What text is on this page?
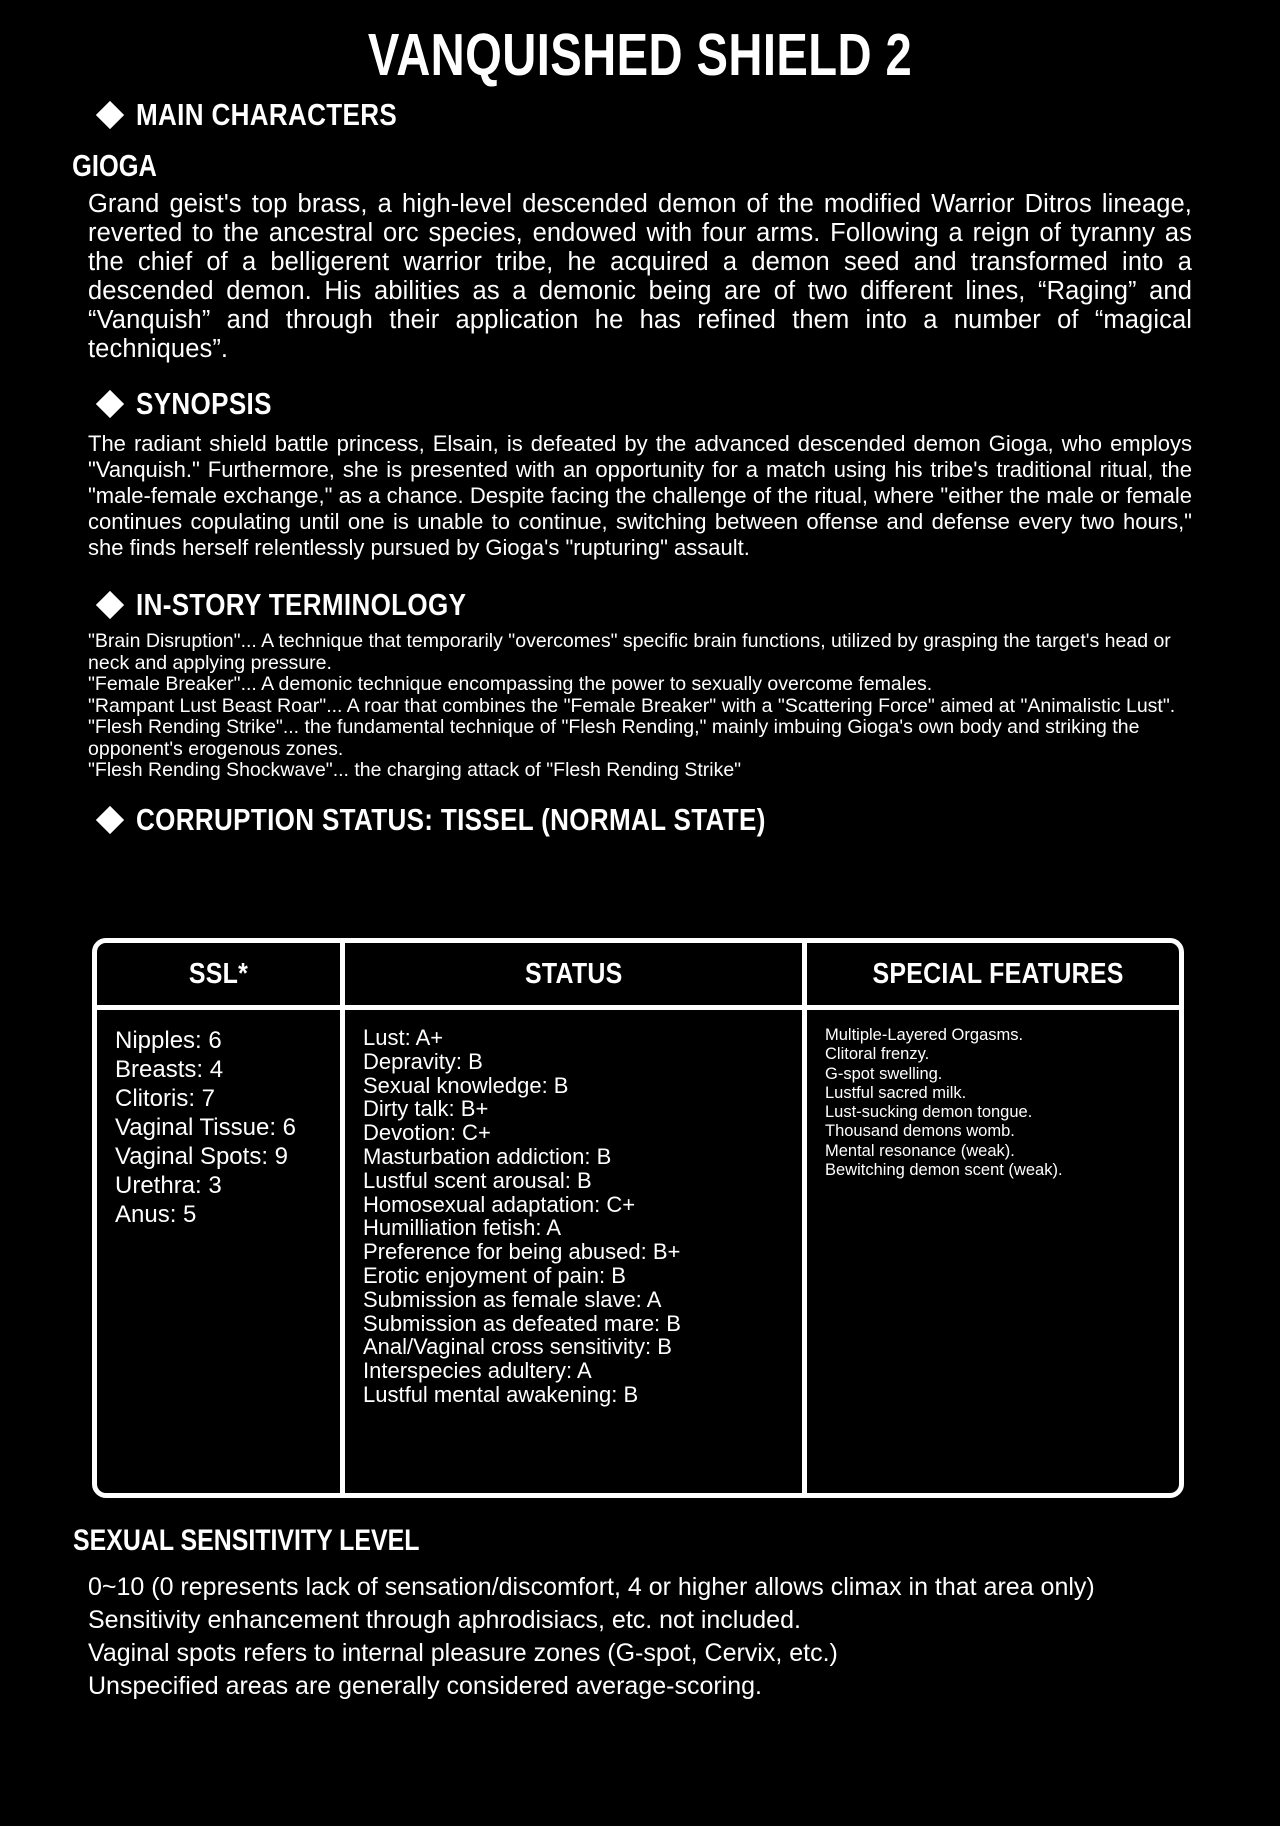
VANQUISHED SHIELD 2
MAIN CHARACTERS
GIOGA

Grand geist's top brass, a high-level descended demon of the modified Warrior Ditros lineage, reverted to the ancestral orc species, endowed with four arms. Following a reign of tyranny as the chief of a belligerent warrior tribe, he acquired a demon seed and transformed into a descended demon. His abilities as a demonic being are of two different lines, “Raging” and “Vanquish” and through their application he has refined them into a number of “magical techniques”.

SYNOPSIS

The radiant shield battle princess, Elsain, is defeated by the advanced descended demon Gioga, who employs "Vanquish." Furthermore, she is presented with an opportunity for a match using his tribe's traditional ritual, the "male-female exchange," as a chance. Despite facing the challenge of the ritual, where "either the male or female continues copulating until one is unable to continue, switching between offense and defense every two hours," she finds herself relentlessly pursued by Gioga's "rupturing" assault.

IN-STORY TERMINOLOGY
"Brain Disruption"... A technique that temporarily "overcomes" specific brain functions, utilized by grasping the target's head or neck and applying pressure.
"Female Breaker"... A demonic technique encompassing the power to sexually overcome females.
"Rampant Lust Beast Roar"... A roar that combines the "Female Breaker" with a "Scattering Force" aimed at "Animalistic Lust".
"Flesh Rending Strike"... the fundamental technique of "Flesh Rending," mainly imbuing Gioga's own body and striking the opponent's erogenous zones.
"Flesh Rending Shockwave"... the charging attack of "Flesh Rending Strike"
CORRUPTION STATUS: TISSEL (NORMAL STATE)
SSL*	STATUS	SPECIAL FEATURES

Nipples: 6
Breasts: 4
Clitoris: 7
Vaginal Tissue: 6
Vaginal Spots: 9
Urethra: 3
Anus: 5

Lust: A+
Depravity: B
Sexual knowledge: B
Dirty talk: B+
Devotion: C+
Masturbation addiction: B
Lustful scent arousal: B
Homosexual adaptation: C+
Humilliation fetish: A
Preference for being abused: B+
Erotic enjoyment of pain: B
Submission as female slave: A
Submission as defeated mare: B
Anal/Vaginal cross sensitivity: B
Interspecies adultery: A
Lustful mental awakening: B

Multiple-Layered Orgasms.
Clitoral frenzy.
G-spot swelling.
Lustful sacred milk.
Lust-sucking demon tongue.
Thousand demons womb.
Mental resonance (weak).
Bewitching demon scent (weak).
SEXUAL SENSITIVITY LEVEL
0~10 (0 represents lack of sensation/discomfort, 4 or higher allows climax in that area only)
Sensitivity enhancement through aphrodisiacs, etc. not included.
Vaginal spots refers to internal pleasure zones (G-spot, Cervix, etc.)
Unspecified areas are generally considered average-scoring.
